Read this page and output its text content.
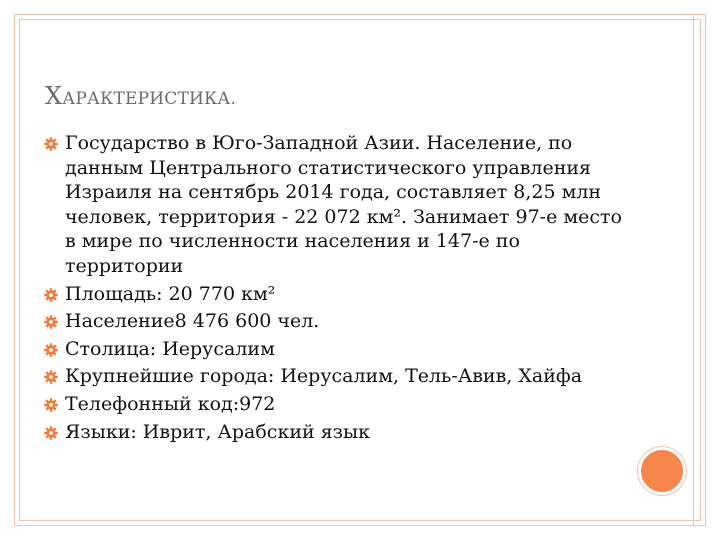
ХАРАКТЕРИСТИКА.
Государство в Юго-Западной Азии. Население, по данным Центрального статистического управления Израиля на сентябрь 2014 года, составляет 8,25 млн человек, территория - 22 072 км². Занимает 97-е место в мире по численности населения и 147-е по территории
Площадь: 20 770 км²
Население8 476 600 чел.
Столица: Иерусалим
Крупнейшие города: Иерусалим, Тель-Авив, Хайфа
Телефонный код:972
Языки: Иврит, Арабский язык
